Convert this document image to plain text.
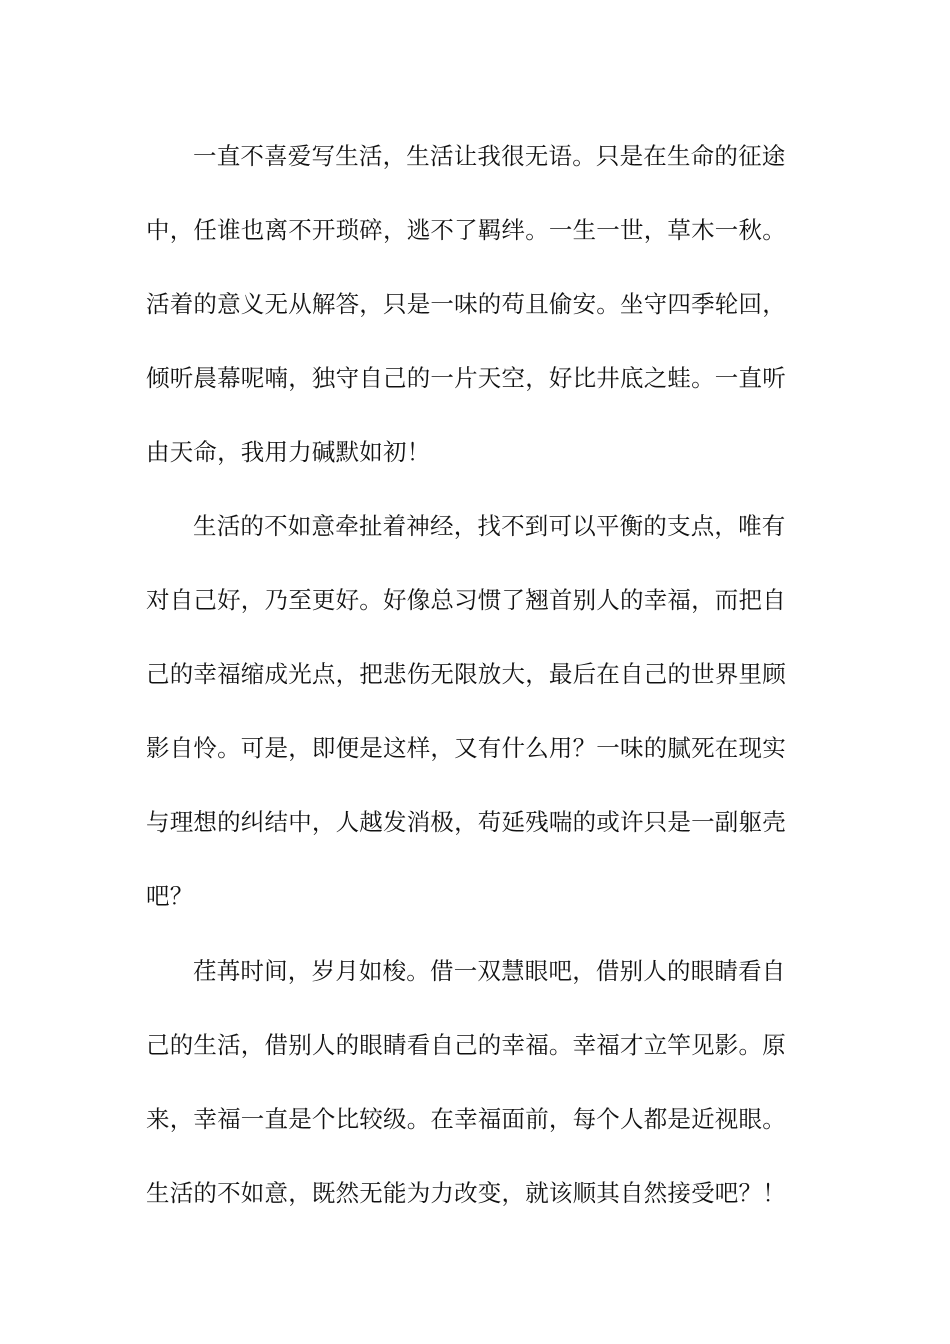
一直不喜爱写生活，生活让我很无语。只是在生命的征途
中，任谁也离不开琐碎，逃不了羁绊。一生一世，草木一秋。
活着的意义无从解答，只是一味的苟且偷安。坐守四季轮回，
倾听晨幕呢喃，独守自己的一片天空，好比井底之蛙。一直听
由天命，我用力碱默如初！
生活的不如意牵扯着神经，找不到可以平衡的支点，唯有
对自己好，乃至更好。好像总习惯了翘首别人的幸福，而把自
己的幸福缩成光点，把悲伤无限放大，最后在自己的世界里顾
影自怜。可是，即便是这样，又有什么用？一味的腻死在现实
与理想的纠结中，人越发消极，苟延残喘的或许只是一副躯壳
吧？
荏苒时间，岁月如梭。借一双慧眼吧，借别人的眼睛看自
己的生活，借别人的眼睛看自己的幸福。幸福才立竿见影。原
来，幸福一直是个比较级。在幸福面前，每个人都是近视眼。
生活的不如意，既然无能为力改变，就该顺其自然接受吧？！
